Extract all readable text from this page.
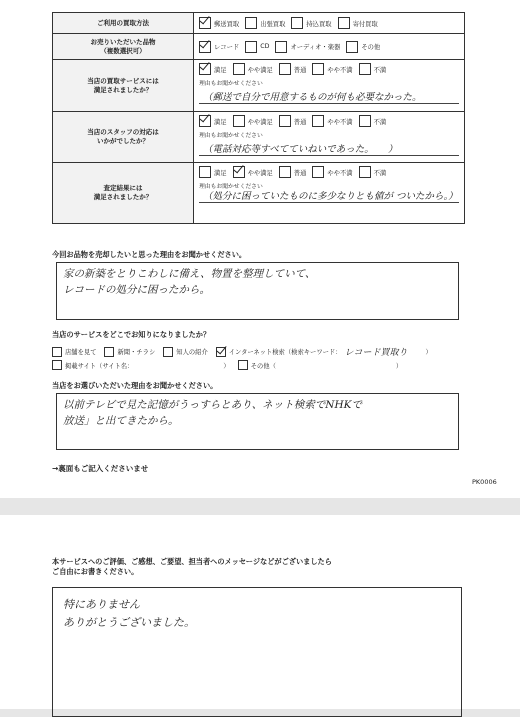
ご利用の買取方法	郵送買取	出張買取	持込買取	寄付買取
お売りいただいた品物
（複数選択可）	レコード	CD	オーディオ・楽器	その他
当店の買取サービスには
満足されましたか？
満足	やや満足	普通	やや不満	不満
理由もお聞かせください
（郵送で自分で用意するものが何も必要なかった。
当店のスタッフの対応は
いかがでしたか？
満足	やや満足	普通	やや不満	不満
理由もお聞かせください
（電話対応等すべてていねいであった。　　）
査定結果には
満足されましたか？
満足	やや満足	普通	やや不満	不満
理由もお聞かせください
（処分に困っていたものに多少なりとも値が ついたから。）
今回お品物を売却したいと思った理由をお聞かせください。
家の新築をとりこわしに備え、物置を整理していて、
レコードの処分に困ったから。
当店のサービスをどこでお知りになりましたか？
店舗を見て	新聞・チラシ	知人の紹介	インターネット検索（検索キーワード： レコード買取り	）
掲載サイト（サイト名：	）	その他（	）
当店をお選びいただいた理由をお聞かせください。
以前テレビで見た記憶がうっすらとあり、ネット検索でNHKで
放送」と出てきたから。
→裏面もご記入くださいませ
PK0006
本サービスへのご評価、ご感想、ご要望、担当者へのメッセージなどがございましたら
ご自由にお書きください。
特にありません
ありがとうございました。
